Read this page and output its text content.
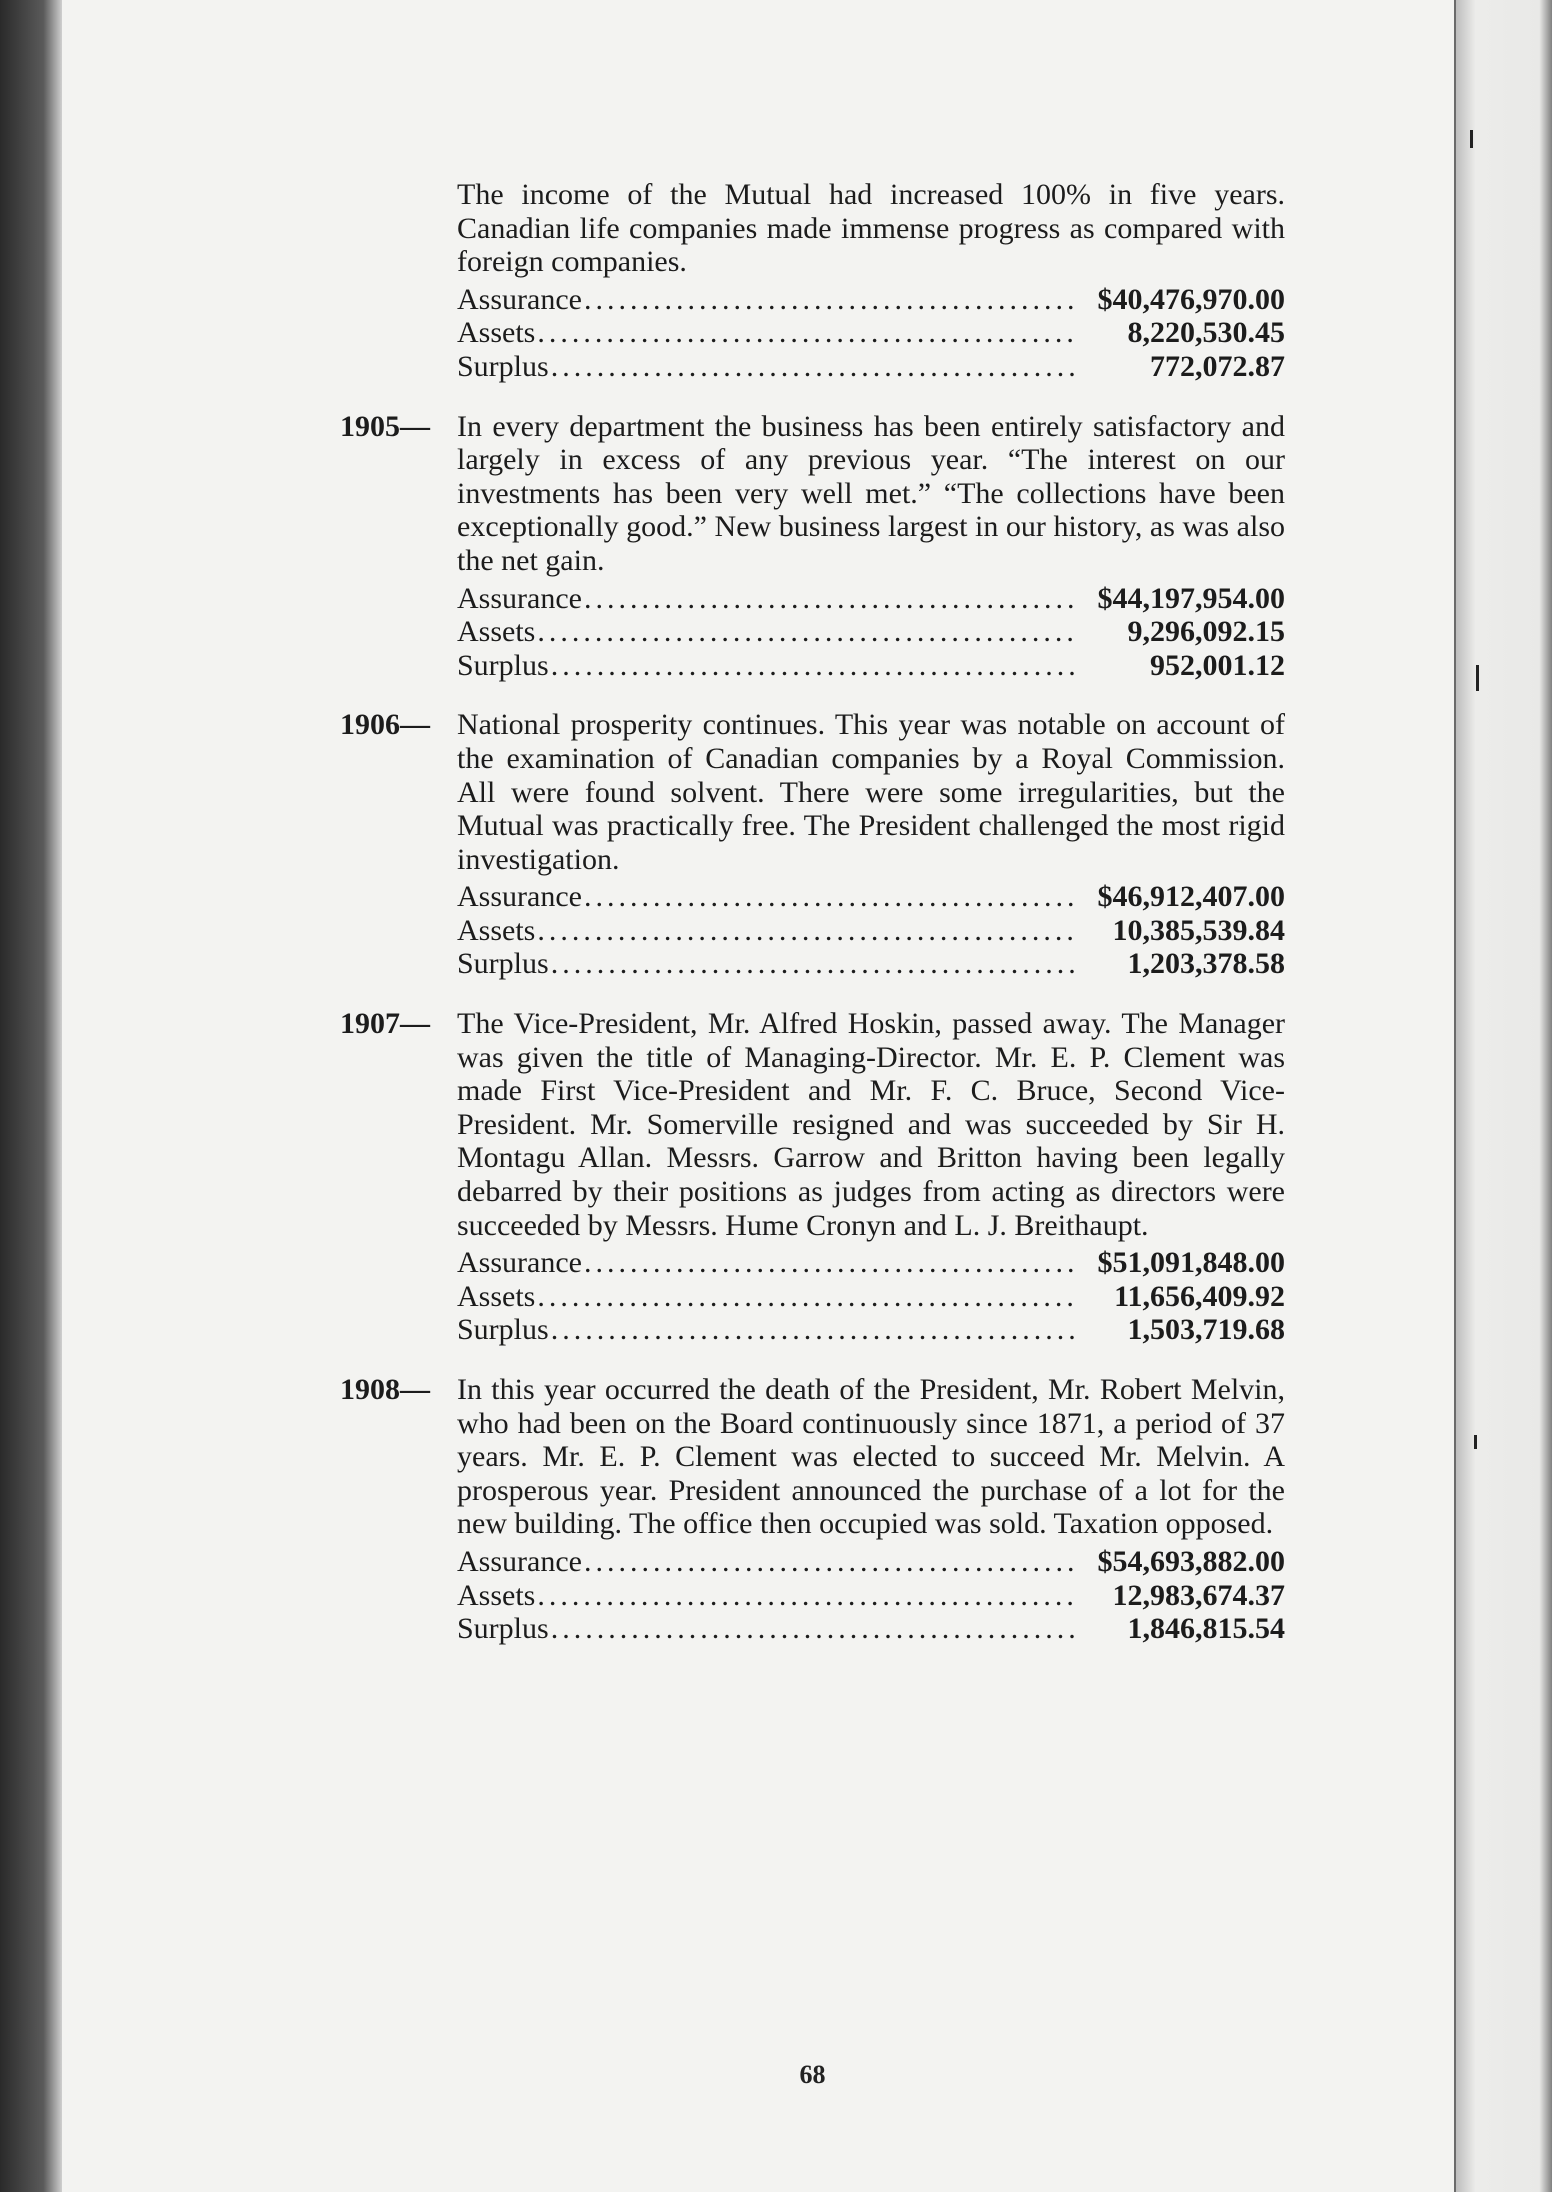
The income of the Mutual had increased 100% in five years. Canadian life companies made immense progress as compared with foreign companies.
Assurance .....	$40,476,970.00
Assets .....	8,220,530.45
Surplus .....	772,072.87
1905— In every department the business has been entirely satisfactory and largely in excess of any previous year. “The interest on our investments has been very well met.” “The collections have been exceptionally good.” New business largest in our history, as was also the net gain.
Assurance .....	$44,197,954.00
Assets .....	9,296,092.15
Surplus .....	952,001.12
1906— National prosperity continues. This year was notable on account of the examination of Canadian companies by a Royal Commission. All were found solvent. There were some irregularities, but the Mutual was practically free. The President challenged the most rigid investigation.
Assurance .....	$46,912,407.00
Assets .....	10,385,539.84
Surplus .....	1,203,378.58
1907— The Vice-President, Mr. Alfred Hoskin, passed away. The Manager was given the title of Managing-Director. Mr. E. P. Clement was made First Vice-President and Mr. F. C. Bruce, Second Vice-President. Mr. Somerville resigned and was succeeded by Sir H. Montagu Allan. Messrs. Garrow and Britton having been legally debarred by their positions as judges from acting as directors were succeeded by Messrs. Hume Cronyn and L. J. Breithaupt.
Assurance .....	$51,091,848.00
Assets .....	11,656,409.92
Surplus .....	1,503,719.68
1908— In this year occurred the death of the President, Mr. Robert Melvin, who had been on the Board continuously since 1871, a period of 37 years. Mr. E. P. Clement was elected to succeed Mr. Melvin. A prosperous year. President announced the purchase of a lot for the new building. The office then occupied was sold. Taxation opposed.
Assurance .....	$54,693,882.00
Assets .....	12,983,674.37
Surplus .....	1,846,815.54
68
